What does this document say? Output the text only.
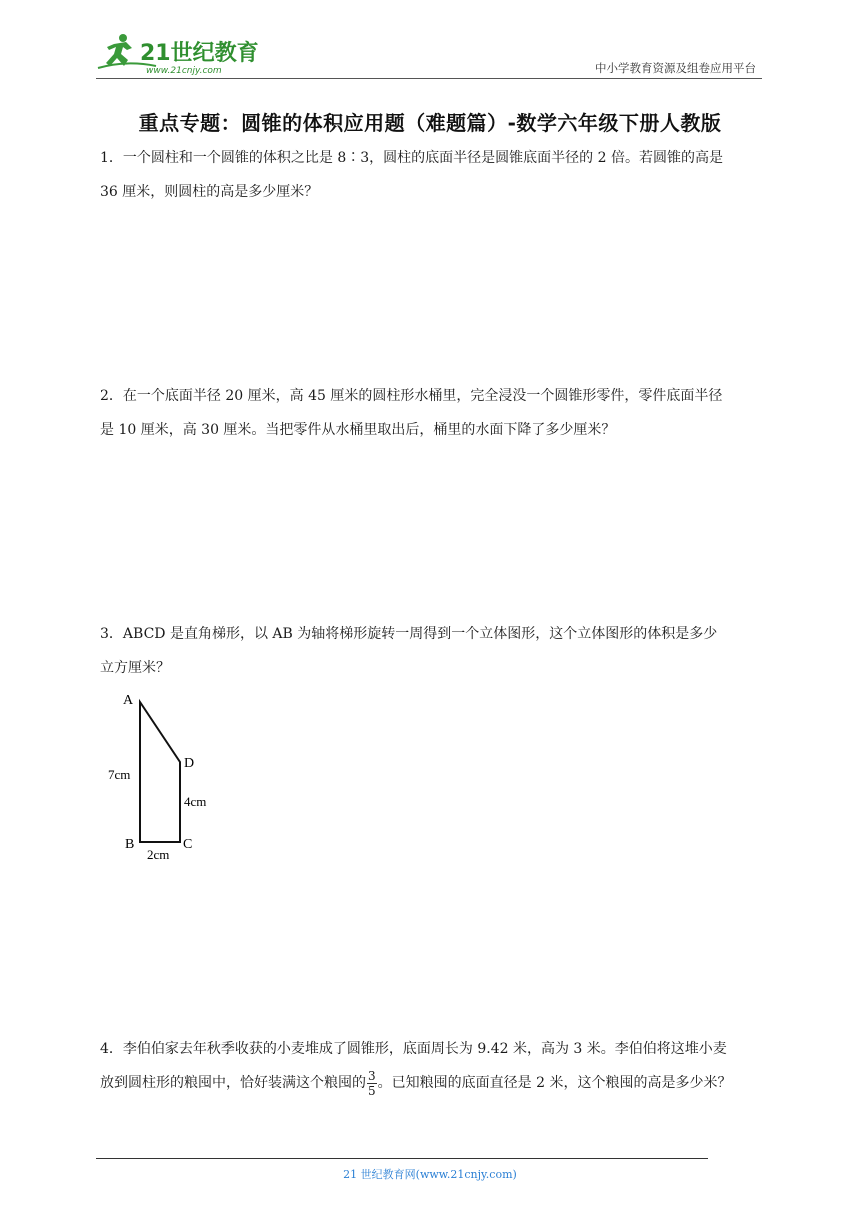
21世纪教育
www.21cnjy.com	中小学教育资源及组卷应用平台
重点专题：圆锥的体积应用题（难题篇）-数学六年级下册人教版
1．一个圆柱和一个圆锥的体积之比是 8∶3，圆柱的底面半径是圆锥底面半径的 2 倍。若圆锥的高是
36 厘米，则圆柱的高是多少厘米？
2．在一个底面半径 20 厘米，高 45 厘米的圆柱形水桶里，完全浸没一个圆锥形零件，零件底面半径
是 10 厘米，高 30 厘米。当把零件从水桶里取出后，桶里的水面下降了多少厘米？
3．ABCD 是直角梯形，以 AB 为轴将梯形旋转一周得到一个立体图形，这个立体图形的体积是多少
立方厘米？
A
D
B	C
7cm
4cm
2cm
4．李伯伯家去年秋季收获的小麦堆成了圆锥形，底面周长为 9.42 米，高为 3 米。李伯伯将这堆小麦
放到圆柱形的粮囤中，恰好装满这个粮囤的 $\frac{3}{5}$ 。已知粮囤的底面直径是 2 米，这个粮囤的高是多少米？
21 世纪教育网(www.21cnjy.com)
